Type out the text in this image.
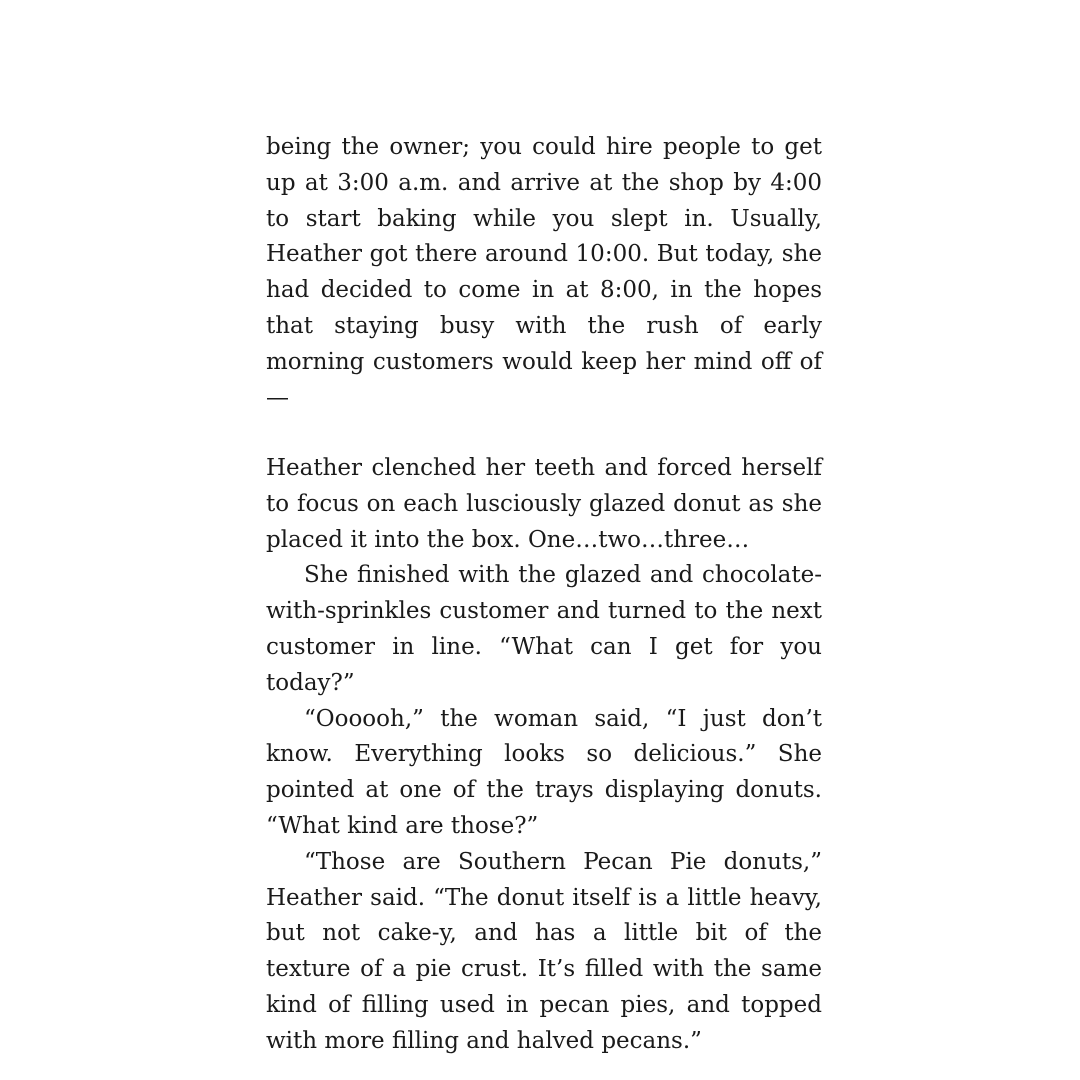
being the owner; you could hire people to get up at 3:00 a.m. and arrive at the shop by 4:00 to start baking while you slept in. Usually, Heather got there around 10:00. But today, she had decided to come in at 8:00, in the hopes that staying busy with the rush of early morning customers would keep her mind off of—

Heather clenched her teeth and forced herself to focus on each lusciously glazed donut as she placed it into the box. One…two…three…

She finished with the glazed and chocolate-with-sprinkles customer and turned to the next customer in line. “What can I get for you today?”

“Oooooh,” the woman said, “I just don’t know. Everything looks so delicious.” She pointed at one of the trays displaying donuts. “What kind are those?”

“Those are Southern Pecan Pie donuts,” Heather said. “The donut itself is a little heavy, but not cake-y, and has a little bit of the texture of a pie crust. It’s filled with the same kind of filling used in pecan pies, and topped with more filling and halved pecans.”
